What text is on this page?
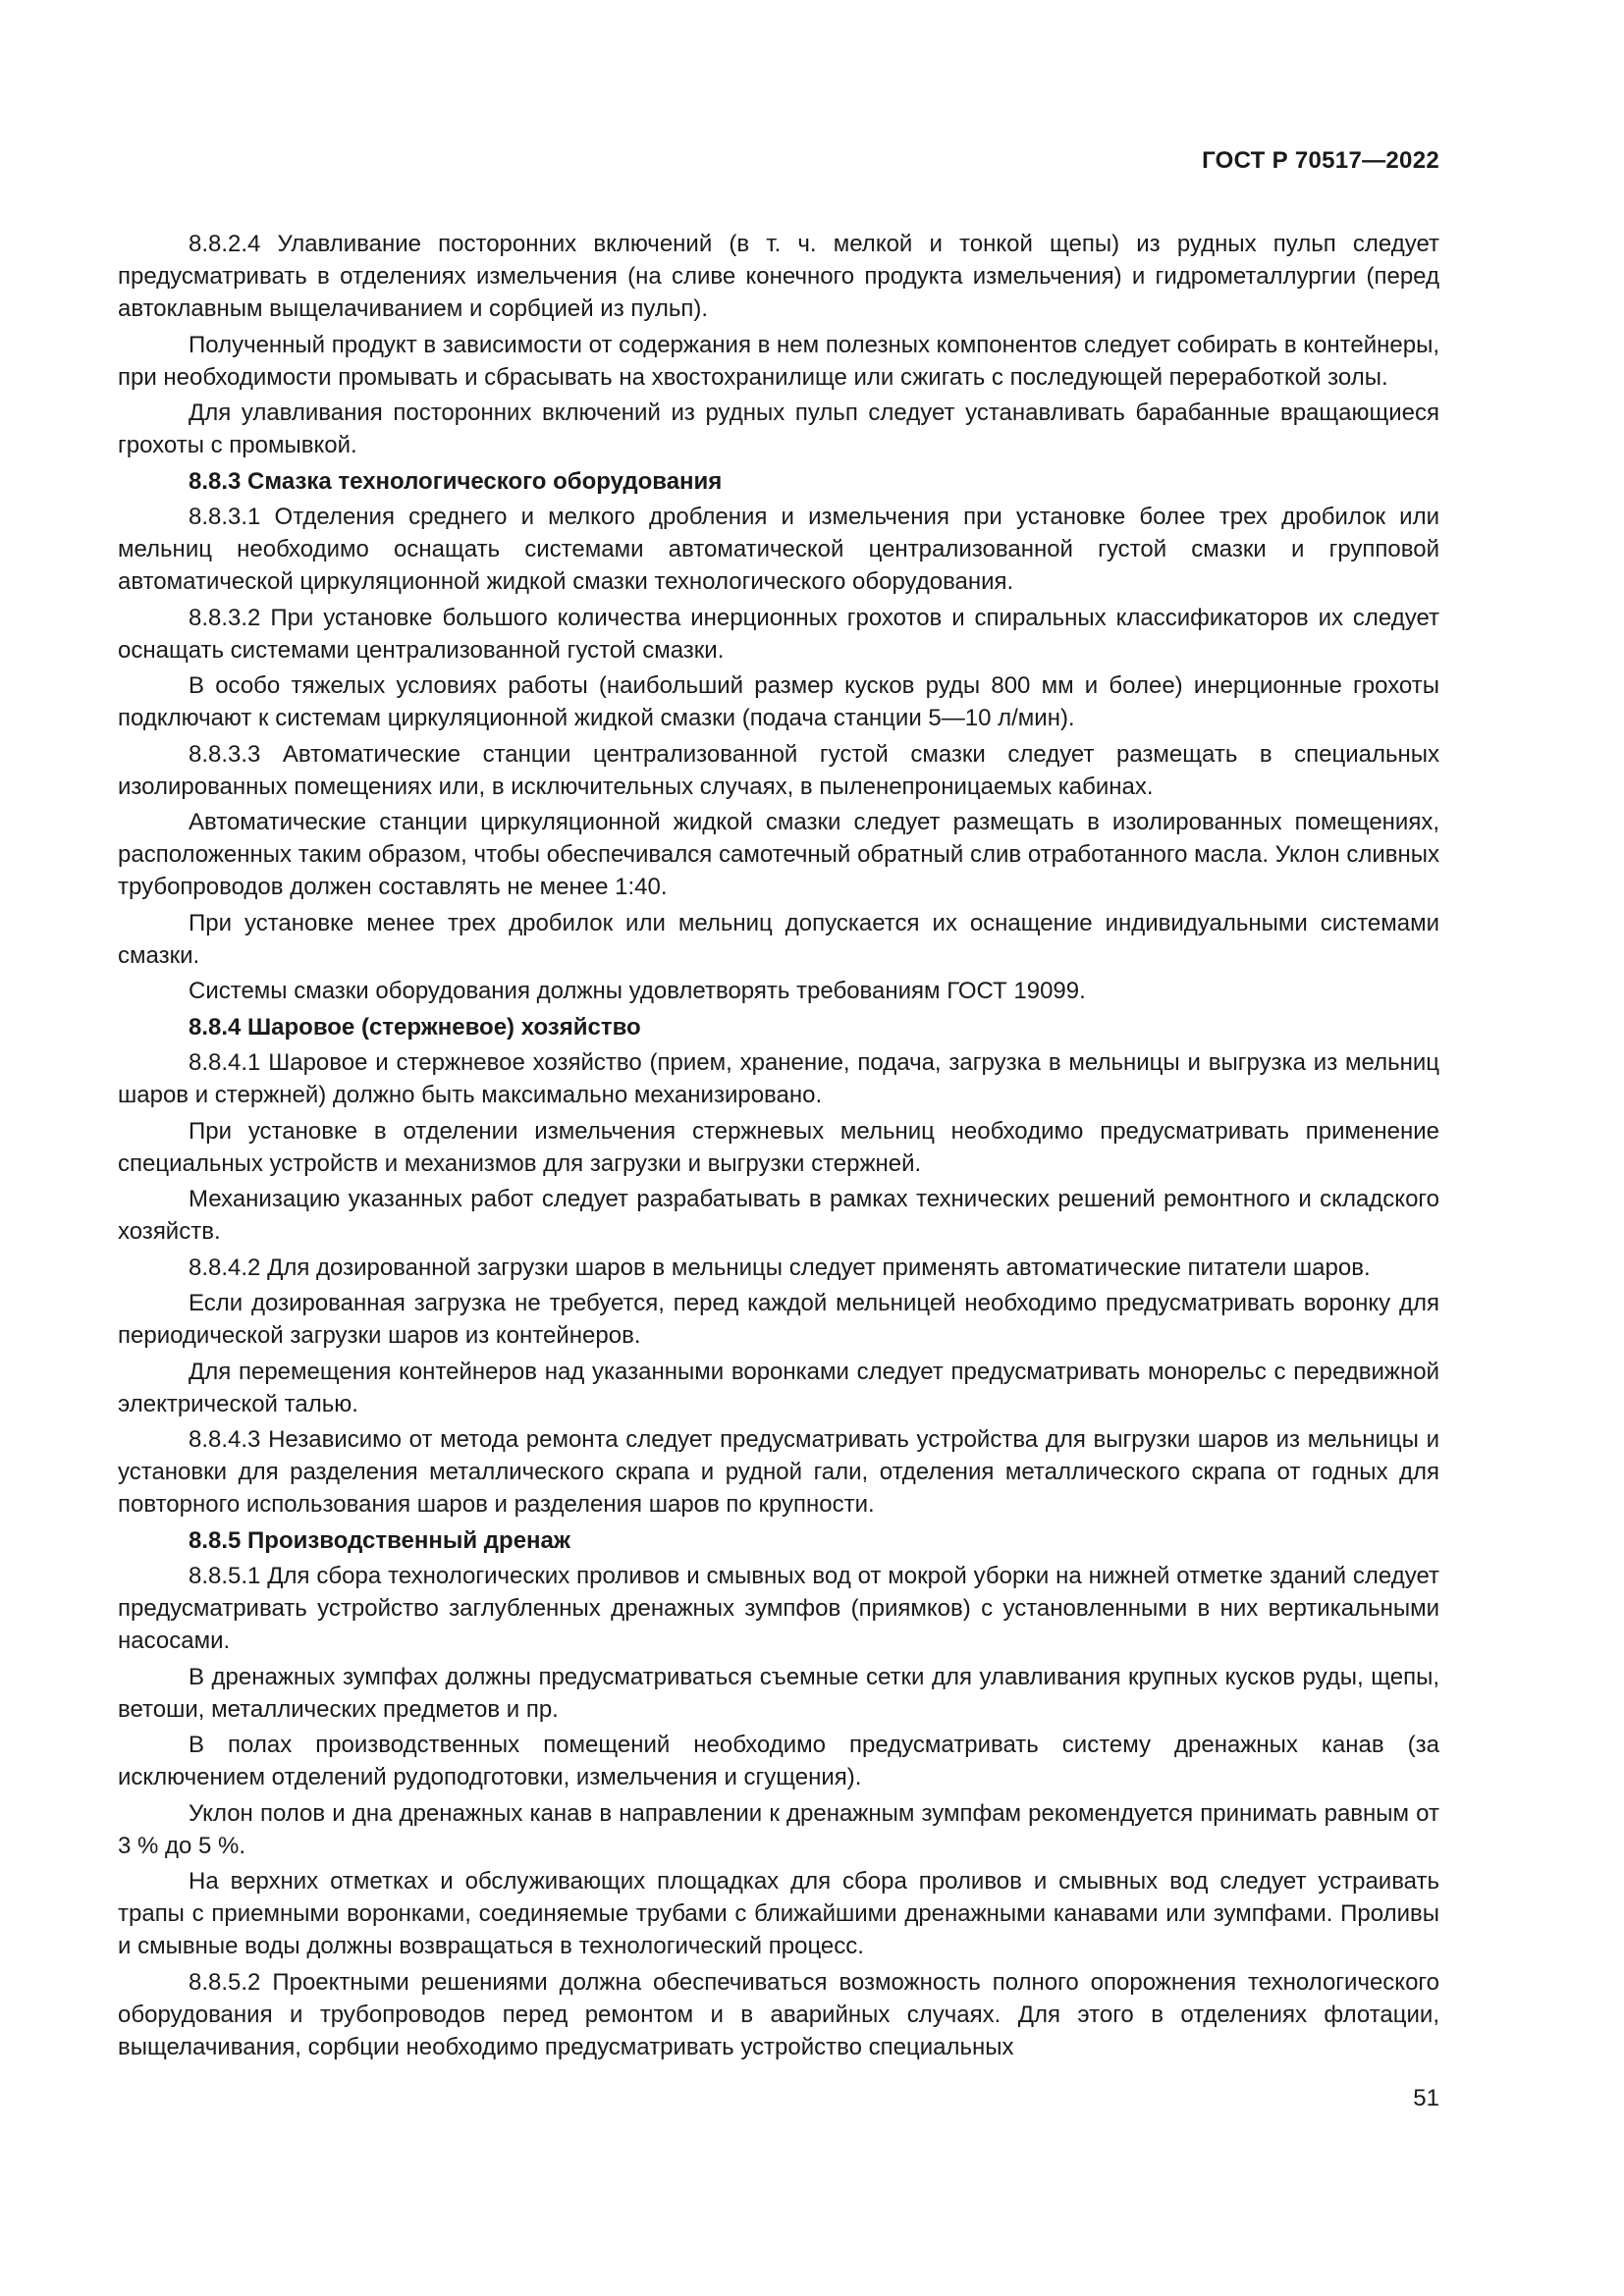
ГОСТ Р 70517—2022

8.8.2.4 Улавливание посторонних включений (в т. ч. мелкой и тонкой щепы) из рудных пульп следует предусматривать в отделениях измельчения (на сливе конечного продукта измельчения) и гидрометаллургии (перед автоклавным выщелачиванием и сорбцией из пульп).

Полученный продукт в зависимости от содержания в нем полезных компонентов следует собирать в контейнеры, при необходимости промывать и сбрасывать на хвостохранилище или сжигать с последующей переработкой золы.

Для улавливания посторонних включений из рудных пульп следует устанавливать барабанные вращающиеся грохоты с промывкой.

8.8.3 Смазка технологического оборудования

8.8.3.1 Отделения среднего и мелкого дробления и измельчения при установке более трех дробилок или мельниц необходимо оснащать системами автоматической централизованной густой смазки и групповой автоматической циркуляционной жидкой смазки технологического оборудования.

8.8.3.2 При установке большого количества инерционных грохотов и спиральных классификаторов их следует оснащать системами централизованной густой смазки.

В особо тяжелых условиях работы (наибольший размер кусков руды 800 мм и более) инерционные грохоты подключают к системам циркуляционной жидкой смазки (подача станции 5—10 л/мин).

8.8.3.3 Автоматические станции централизованной густой смазки следует размещать в специальных изолированных помещениях или, в исключительных случаях, в пыленепроницаемых кабинах.

Автоматические станции циркуляционной жидкой смазки следует размещать в изолированных помещениях, расположенных таким образом, чтобы обеспечивался самотечный обратный слив отработанного масла. Уклон сливных трубопроводов должен составлять не менее 1:40.

При установке менее трех дробилок или мельниц допускается их оснащение индивидуальными системами смазки.

Системы смазки оборудования должны удовлетворять требованиям ГОСТ 19099.

8.8.4 Шаровое (стержневое) хозяйство

8.8.4.1 Шаровое и стержневое хозяйство (прием, хранение, подача, загрузка в мельницы и выгрузка из мельниц шаров и стержней) должно быть максимально механизировано.

При установке в отделении измельчения стержневых мельниц необходимо предусматривать применение специальных устройств и механизмов для загрузки и выгрузки стержней.

Механизацию указанных работ следует разрабатывать в рамках технических решений ремонтного и складского хозяйств.

8.8.4.2 Для дозированной загрузки шаров в мельницы следует применять автоматические питатели шаров.

Если дозированная загрузка не требуется, перед каждой мельницей необходимо предусматривать воронку для периодической загрузки шаров из контейнеров.

Для перемещения контейнеров над указанными воронками следует предусматривать монорельс с передвижной электрической талью.

8.8.4.3 Независимо от метода ремонта следует предусматривать устройства для выгрузки шаров из мельницы и установки для разделения металлического скрапа и рудной гали, отделения металлического скрапа от годных для повторного использования шаров и разделения шаров по крупности.

8.8.5 Производственный дренаж

8.8.5.1 Для сбора технологических проливов и смывных вод от мокрой уборки на нижней отметке зданий следует предусматривать устройство заглубленных дренажных зумпфов (приямков) с установленными в них вертикальными насосами.

В дренажных зумпфах должны предусматриваться съемные сетки для улавливания крупных кусков руды, щепы, ветоши, металлических предметов и пр.

В полах производственных помещений необходимо предусматривать систему дренажных канав (за исключением отделений рудоподготовки, измельчения и сгущения).

Уклон полов и дна дренажных канав в направлении к дренажным зумпфам рекомендуется принимать равным от 3 % до 5 %.

На верхних отметках и обслуживающих площадках для сбора проливов и смывных вод следует устраивать трапы с приемными воронками, соединяемые трубами с ближайшими дренажными канавами или зумпфами. Проливы и смывные воды должны возвращаться в технологический процесс.

8.8.5.2 Проектными решениями должна обеспечиваться возможность полного опорожнения технологического оборудования и трубопроводов перед ремонтом и в аварийных случаях. Для этого в отделениях флотации, выщелачивания, сорбции необходимо предусматривать устройство специальных

51
